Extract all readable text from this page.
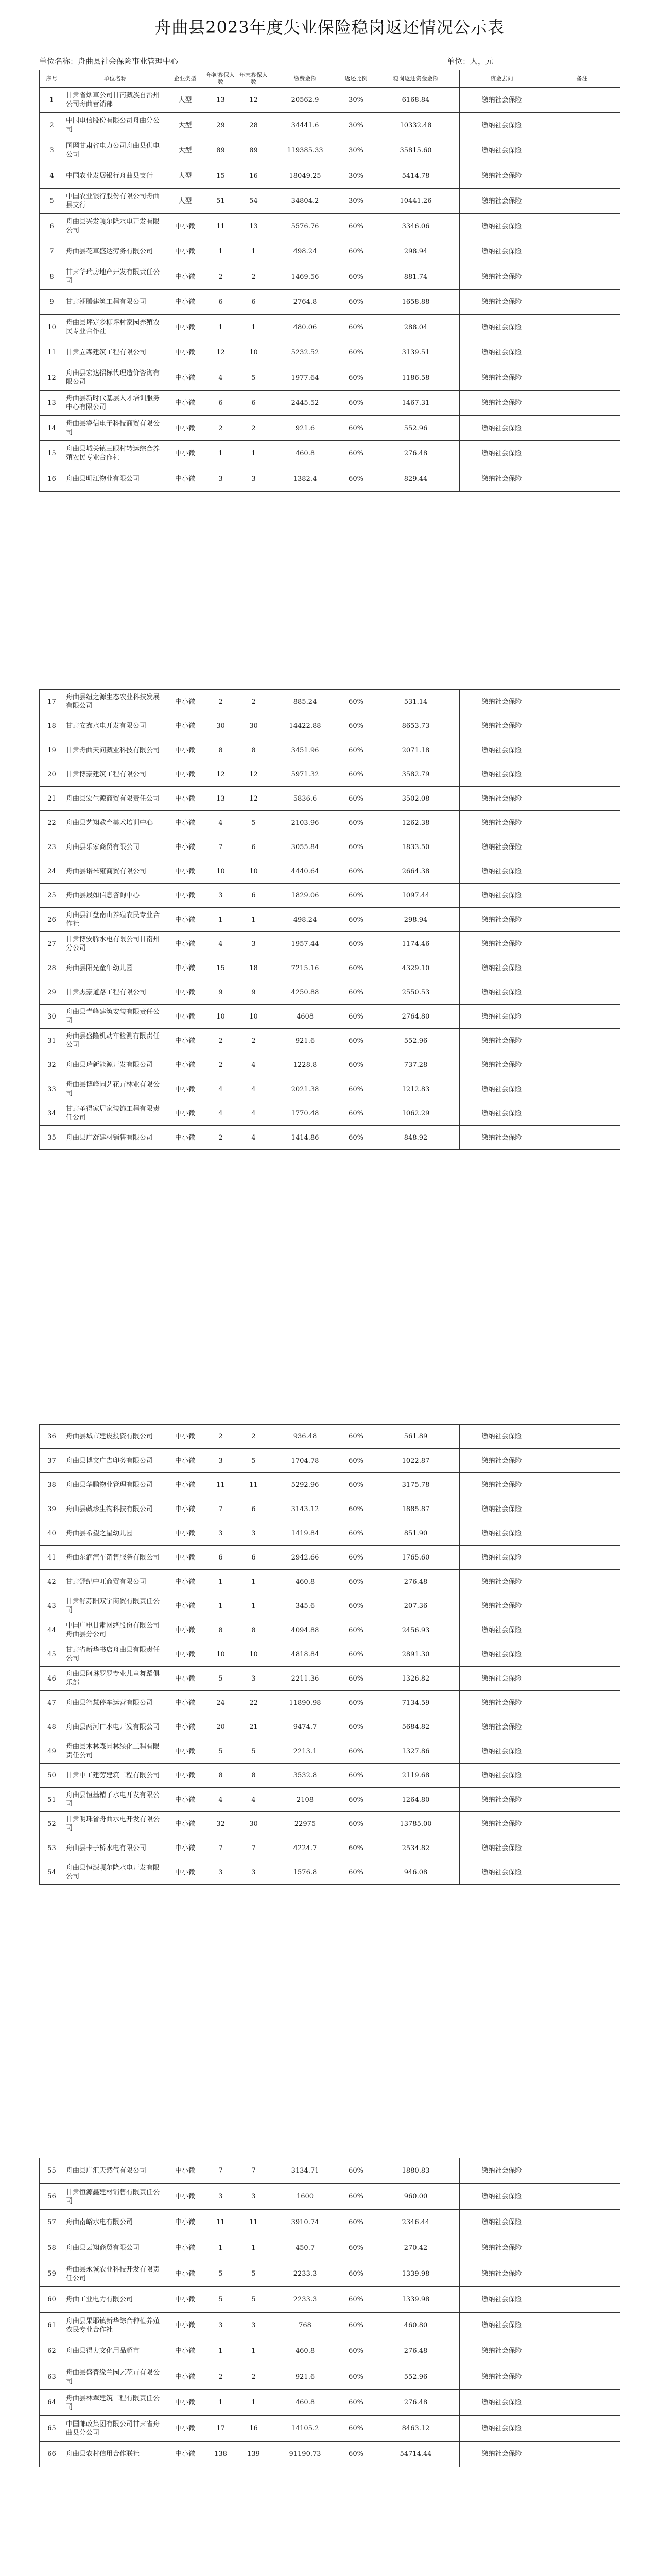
舟曲县2023年度失业保险稳岗返还情况公示表
单位名称：舟曲县社会保险事业管理中心	单位：人，元
序号	单位名称	企业类型	年初参保人数	年末参保人数	缴费金额	返还比例	稳岗返还资金金额	资金去向	备注
1	甘肃省烟草公司甘南藏族自治州公司舟曲营销部	大型	13	12	20562.9	30%	6168.84	缴纳社会保险	
2	中国电信股份有限公司舟曲分公司	大型	29	28	34441.6	30%	10332.48	缴纳社会保险	
3	国网甘肃省电力公司舟曲县供电公司	大型	89	89	119385.33	30%	35815.60	缴纳社会保险	
4	中国农业发展银行舟曲县支行	大型	15	16	18049.25	30%	5414.78	缴纳社会保险	
5	中国农业银行股份有限公司舟曲县支行	大型	51	54	34804.2	30%	10441.26	缴纳社会保险	
6	舟曲县兴发嘎尔隆水电开发有限公司	中小微	11	13	5576.76	60%	3346.06	缴纳社会保险	
7	舟曲县花草盛达劳务有限公司	中小微	1	1	498.24	60%	298.94	缴纳社会保险	
8	甘肃华瑞房地产开发有限责任公司	中小微	2	2	1469.56	60%	881.74	缴纳社会保险	
9	甘肃潮腾建筑工程有限公司	中小微	6	6	2764.8	60%	1658.88	缴纳社会保险	
10	舟曲县坪定乡柳坪村家园养殖农民专业合作社	中小微	1	1	480.06	60%	288.04	缴纳社会保险	
11	甘肃立森建筑工程有限公司	中小微	12	10	5232.52	60%	3139.51	缴纳社会保险	
12	舟曲县宏达招标代理造价咨询有限公司	中小微	4	5	1977.64	60%	1186.58	缴纳社会保险	
13	舟曲县新时代基层人才培训服务中心有限公司	中小微	6	6	2445.52	60%	1467.31	缴纳社会保险	
14	舟曲县睿信电子科技商贸有限公司	中小微	2	2	921.6	60%	552.96	缴纳社会保险	
15	舟曲县城关镇三眼村转运综合养殖农民专业合作社	中小微	1	1	460.8	60%	276.48	缴纳社会保险	
16	舟曲县明江物业有限公司	中小微	3	3	1382.4	60%	829.44	缴纳社会保险	
17	舟曲县纽之源生态农业科技发展有限公司	中小微	2	2	885.24	60%	531.14	缴纳社会保险	
18	甘肃安鑫水电开发有限公司	中小微	30	30	14422.88	60%	8653.73	缴纳社会保险	
19	甘肃舟曲天问藏业科技有限公司	中小微	8	8	3451.96	60%	2071.18	缴纳社会保险	
20	甘肃博豪建筑工程有限公司	中小微	12	12	5971.32	60%	3582.79	缴纳社会保险	
21	舟曲县宏生源商贸有限责任公司	中小微	13	12	5836.6	60%	3502.08	缴纳社会保险	
22	舟曲县艺翔教育美术培训中心	中小微	4	5	2103.96	60%	1262.38	缴纳社会保险	
23	舟曲县乐家商贸有限公司	中小微	7	6	3055.84	60%	1833.50	缴纳社会保险	
24	舟曲县诺米雍商贸有限公司	中小微	10	10	4440.64	60%	2664.38	缴纳社会保险	
25	舟曲县晟如信息咨询中心	中小微	3	6	1829.06	60%	1097.44	缴纳社会保险	
26	舟曲县江盘南山养殖农民专业合作社	中小微	1	1	498.24	60%	298.94	缴纳社会保险	
27	甘肃博安腾水电有限公司甘南州分公司	中小微	4	3	1957.44	60%	1174.46	缴纳社会保险	
28	舟曲县阳光童年幼儿园	中小微	15	18	7215.16	60%	4329.10	缴纳社会保险	
29	甘肃杰豪道路工程有限公司	中小微	9	9	4250.88	60%	2550.53	缴纳社会保险	
30	舟曲县青峰建筑安装有限责任公司	中小微	10	10	4608	60%	2764.80	缴纳社会保险	
31	舟曲县盛隆机动车检测有限责任公司	中小微	2	2	921.6	60%	552.96	缴纳社会保险	
32	舟曲县瑞新能源开发有限公司	中小微	2	4	1228.8	60%	737.28	缴纳社会保险	
33	舟曲县博峰园艺花卉林业有限公司	中小微	4	4	2021.38	60%	1212.83	缴纳社会保险	
34	甘肃圣得家居家装饰工程有限责任公司	中小微	4	4	1770.48	60%	1062.29	缴纳社会保险	
35	舟曲县广舒建材销售有限公司	中小微	2	4	1414.86	60%	848.92	缴纳社会保险	
36	舟曲县城市建设投资有限公司	中小微	2	2	936.48	60%	561.89	缴纳社会保险	
37	舟曲县博文广告印务有限公司	中小微	3	5	1704.78	60%	1022.87	缴纳社会保险	
38	舟曲县华鹏物业管理有限公司	中小微	11	11	5292.96	60%	3175.78	缴纳社会保险	
39	舟曲县藏珍生物科技有限公司	中小微	7	6	3143.12	60%	1885.87	缴纳社会保险	
40	舟曲县希望之星幼儿园	中小微	3	3	1419.84	60%	851.90	缴纳社会保险	
41	舟曲东润汽车销售服务有限公司	中小微	6	6	2942.66	60%	1765.60	缴纳社会保险	
42	甘肃舒纪中旺商贸有限公司	中小微	1	1	460.8	60%	276.48	缴纳社会保险	
43	甘肃舒苏阳双宇商贸有限责任公司	中小微	1	1	345.6	60%	207.36	缴纳社会保险	
44	中国广电甘肃网络股份有限公司舟曲县分公司	中小微	8	8	4094.88	60%	2456.93	缴纳社会保险	
45	甘肃省新华书店舟曲县有限责任公司	中小微	10	10	4818.84	60%	2891.30	缴纳社会保险	
46	舟曲县阿琳罗罗专业儿童舞蹈俱乐部	中小微	5	3	2211.36	60%	1326.82	缴纳社会保险	
47	舟曲县智慧停车运营有限公司	中小微	24	22	11890.98	60%	7134.59	缴纳社会保险	
48	舟曲县两河口水电开发有限公司	中小微	20	21	9474.7	60%	5684.82	缴纳社会保险	
49	舟曲县木林森园林绿化工程有限责任公司	中小微	5	5	2213.1	60%	1327.86	缴纳社会保险	
50	甘肃中工建劳建筑工程有限公司	中小微	8	8	3532.8	60%	2119.68	缴纳社会保险	
51	舟曲县恒基精子水电开发有限公司	中小微	4	4	2108	60%	1264.80	缴纳社会保险	
52	甘肃明珠省舟曲水电开发有限公司	中小微	32	30	22975	60%	13785.00	缴纳社会保险	
53	舟曲县卡子桥水电有限公司	中小微	7	7	4224.7	60%	2534.82	缴纳社会保险	
54	舟曲县恒源嘎尔隆水电开发有限公司	中小微	3	3	1576.8	60%	946.08	缴纳社会保险	
55	舟曲县广汇天然气有限公司	中小微	7	7	3134.71	60%	1880.83	缴纳社会保险	
56	甘肃恒源鑫建材销售有限责任公司	中小微	3	3	1600	60%	960.00	缴纳社会保险	
57	舟曲南峪水电有限公司	中小微	11	11	3910.74	60%	2346.44	缴纳社会保险	
58	舟曲县云翔商贸有限公司	中小微	1	1	450.7	60%	270.42	缴纳社会保险	
59	舟曲县永诚农业科技开发有限责任公司	中小微	5	5	2233.3	60%	1339.98	缴纳社会保险	
60	舟曲工业电力有限公司	中小微	5	5	2233.3	60%	1339.98	缴纳社会保险	
61	舟曲县果耶镇新华综合种植养殖农民专业合作社	中小微	3	3	768	60%	460.80	缴纳社会保险	
62	舟曲县得力文化用品超市	中小微	1	1	460.8	60%	276.48	缴纳社会保险	
63	舟曲县盛晋缘兰园艺花卉有限公司	中小微	2	2	921.6	60%	552.96	缴纳社会保险	
64	舟曲县林翠建筑工程有限责任公司	中小微	1	1	460.8	60%	276.48	缴纳社会保险	
65	中国邮政集团有限公司甘肃省舟曲县分公司	中小微	17	16	14105.2	60%	8463.12	缴纳社会保险	
66	舟曲县农村信用合作联社	中小微	138	139	91190.73	60%	54714.44	缴纳社会保险	
